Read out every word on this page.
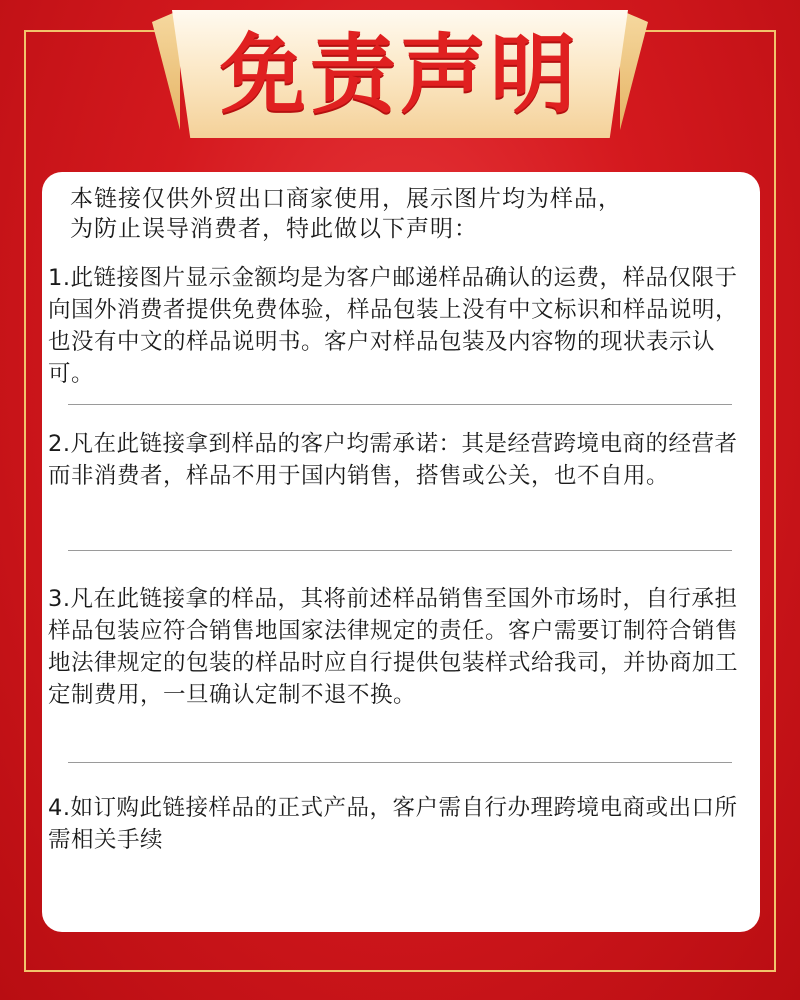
免责声明
本链接仅供外贸出口商家使用，展示图片均为样品，
为防止误导消费者，特此做以下声明：
1.此链接图片显示金额均是为客户邮递样品确认的运费，样品仅限于向国外消费者提供免费体验，样品包装上没有中文标识和样品说明，也没有中文的样品说明书。客户对样品包装及内容物的现状表示认可。
2.凡在此链接拿到样品的客户均需承诺：其是经营跨境电商的经营者而非消费者，样品不用于国内销售，搭售或公关，也不自用。
3.凡在此链接拿的样品，其将前述样品销售至国外市场时，自行承担样品包装应符合销售地国家法律规定的责任。客户需要订制符合销售地法律规定的包装的样品时应自行提供包装样式给我司，并协商加工定制费用，一旦确认定制不退不换。
4.如订购此链接样品的正式产品，客户需自行办理跨境电商或出口所需相关手续
